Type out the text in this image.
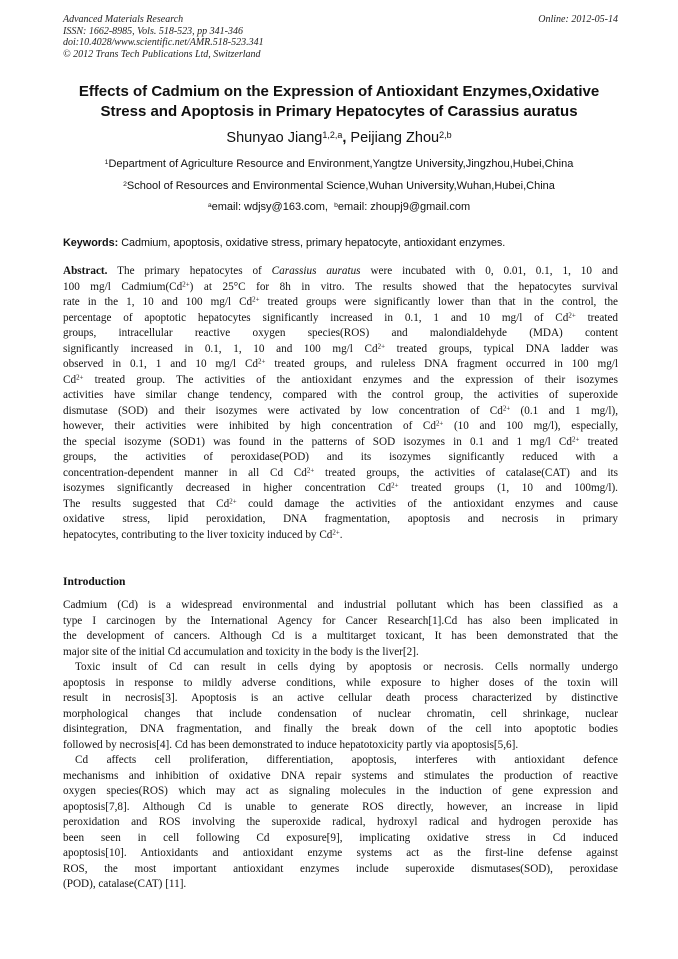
Advanced Materials Research
ISSN: 1662-8985, Vols. 518-523, pp 341-346
doi:10.4028/www.scientific.net/AMR.518-523.341
© 2012 Trans Tech Publications Ltd, Switzerland
Online: 2012-05-14
Effects of Cadmium on the Expression of Antioxidant Enzymes,Oxidative
Stress and Apoptosis in Primary Hepatocytes of Carassius auratus
Shunyao Jiang$^{1,2,a}$, Peijiang Zhou$^{2,b}$
$^1$Department of Agriculture Resource and Environment,Yangtze University,Jingzhou,Hubei,China
$^2$School of Resources and Environmental Science,Wuhan University,Wuhan,Hubei,China
$^a$email: wdjsy@163.com, $^b$email: zhoupj9@gmail.com
Keywords: Cadmium, apoptosis, oxidative stress, primary hepatocyte, antioxidant enzymes.
Abstract. The primary hepatocytes of Carassius auratus were incubated with 0, 0.01, 0.1, 1, 10 and
100 mg/l $Cadmium(Cd^{2+})$ at 25°C for 8h in vitro. The results showed that the hepatocytes survival
rate in the 1, 10 and 100 mg/l $Cd^{2+}$ treated groups were significantly lower than that in the control, the
percentage of apoptotic hepatocytes significantly increased in 0.1, 1 and 10 mg/l of $Cd^{2+}$ treated
groups, intracellular reactive oxygen species(ROS) and malondialdehyde (MDA) content
significantly increased in 0.1, 1, 10 and 100 mg/l $Cd^{2+}$ treated groups, typical DNA ladder was
observed in 0.1, 1 and 10 mg/l $Cd^{2+}$ treated groups, and ruleless DNA fragment occurred in 100 mg/l
$Cd^{2+}$ treated group. The activities of the antioxidant enzymes and the expression of their isozymes
activities have similar change tendency, compared with the control group, the activities of superoxide
dismutase (SOD) and their isozymes were activated by low concentration of $Cd^{2+}$ (0.1 and 1 mg/l),
however, their activities were inhibited by high concentration of $Cd^{2+}$ (10 and 100 mg/l), especially,
the special isozyme (SOD1) was found in the patterns of SOD isozymes in 0.1 and 1 mg/l $Cd^{2+}$ treated
groups, the activities of peroxidase(POD) and its isozymes significantly reduced with a
concentration-dependent manner in all Cd $Cd^{2+}$ treated groups, the activities of catalase(CAT) and its
isozymes significantly decreased in higher concentration $Cd^{2+}$ treated groups (1, 10 and 100mg/l).
The results suggested that $Cd^{2+}$ could damage the activities of the antioxidant enzymes and cause
oxidative stress, lipid peroxidation, DNA fragmentation, apoptosis and necrosis in primary
hepatocytes, contributing to the liver toxicity induced by $Cd^{2+}$.
Introduction
Cadmium (Cd) is a widespread environmental and industrial pollutant which has been classified as a
type I carcinogen by the International Agency for Cancer Research[1].Cd has also been implicated in
the development of cancers. Although Cd is a multitarget toxicant, It has been demonstrated that the
major site of the initial Cd accumulation and toxicity in the body is the liver[2].
Toxic insult of Cd can result in cells dying by apoptosis or necrosis. Cells normally undergo
apoptosis in response to mildly adverse conditions, while exposure to higher doses of the toxin will
result in necrosis[3]. Apoptosis is an active cellular death process characterized by distinctive
morphological changes that include condensation of nuclear chromatin, cell shrinkage, nuclear
disintegration, DNA fragmentation, and finally the break down of the cell into apoptotic bodies
followed by necrosis[4]. Cd has been demonstrated to induce hepatotoxicity partly via apoptosis[5,6].
Cd affects cell proliferation, differentiation, apoptosis, interferes with antioxidant defence
mechanisms and inhibition of oxidative DNA repair systems and stimulates the production of reactive
oxygen species(ROS) which may act as signaling molecules in the induction of gene expression and
apoptosis[7,8]. Although Cd is unable to generate ROS directly, however, an increase in lipid
peroxidation and ROS involving the superoxide radical, hydroxyl radical and hydrogen peroxide has
been seen in cell following Cd exposure[9], implicating oxidative stress in Cd induced
apoptosis[10]. Antioxidants and antioxidant enzyme systems act as the first-line defense against
ROS, the most important antioxidant enzymes include superoxide dismutases(SOD), peroxidase
(POD), catalase(CAT) [11].
